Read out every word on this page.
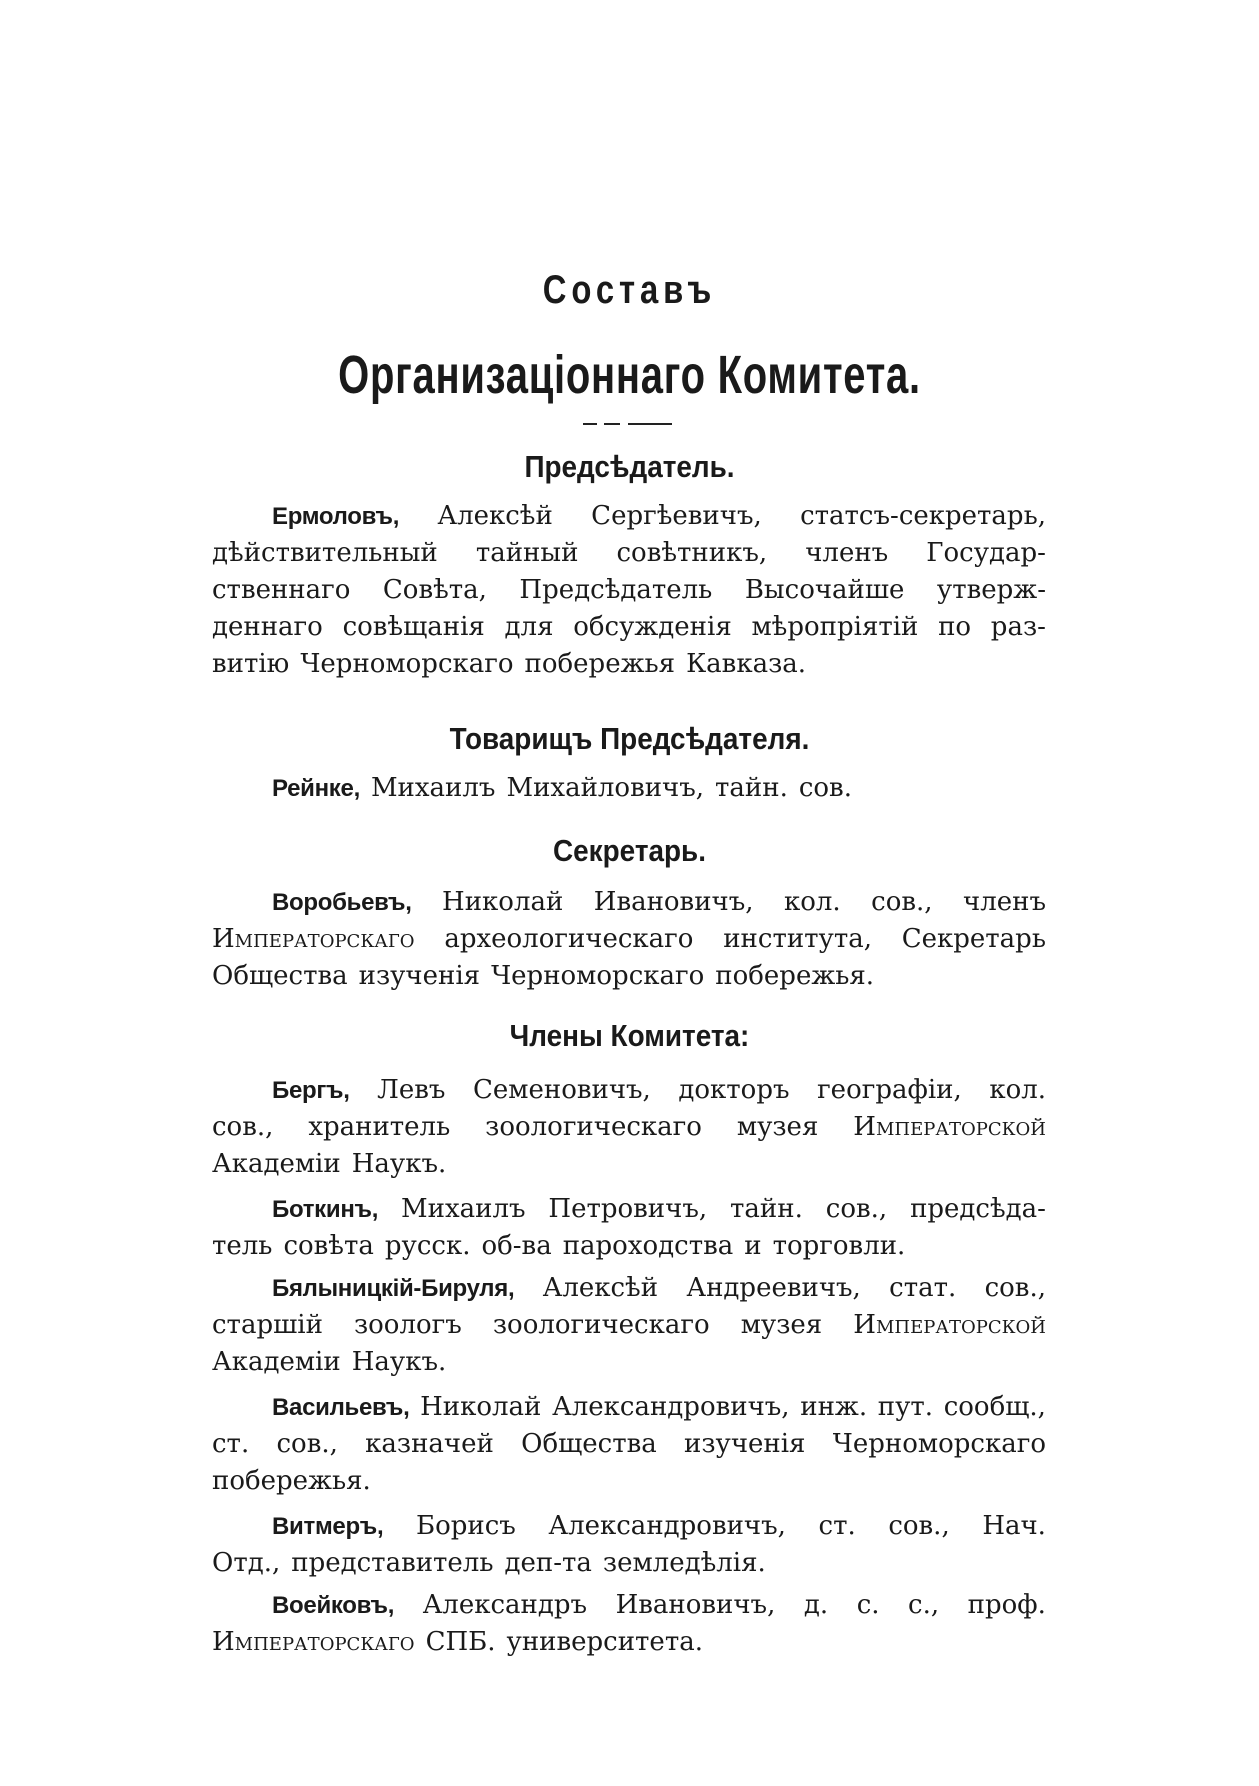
Составъ
Организаціоннаго Комитета.
Предсѣдатель.
Ермоловъ, Алексѣй Сергѣевичъ, статсъ-секретарь,
дѣйствительный тайный совѣтникъ, членъ Государ-
ственнаго Совѣта, Предсѣдатель Высочайше утверж-
деннаго совѣщанія для обсужденія мѣропріятій по раз-
витію Черноморскаго побережья Кавказа.
Товарищъ Предсѣдателя.
Рейнке, Михаилъ Михайловичъ, тайн. сов.
Секретарь.
Воробьевъ, Николай Ивановичъ, кол. сов., членъ
Императорскаго археологическаго института, Секретарь
Общества изученія Черноморскаго побережья.
Члены Комитета:
Бергъ, Левъ Семеновичъ, докторъ географіи, кол.
сов., хранитель зоологическаго музея Императорской
Академіи Наукъ.
Боткинъ, Михаилъ Петровичъ, тайн. сов., предсѣда-
тель совѣта русск. об-ва пароходства и торговли.
Бялыницкій-Бируля, Алексѣй Андреевичъ, стат. сов.,
старшій зоологъ зоологическаго музея Императорской
Академіи Наукъ.
Васильевъ, Николай Александровичъ, инж. пут. сообщ.,
ст. сов., казначей Общества изученія Черноморскаго
побережья.
Витмеръ, Борисъ Александровичъ, ст. сов., Нач.
Отд., представитель деп-та земледѣлія.
Воейковъ, Александръ Ивановичъ, д. с. с., проф.
Императорскаго СПБ. университета.
